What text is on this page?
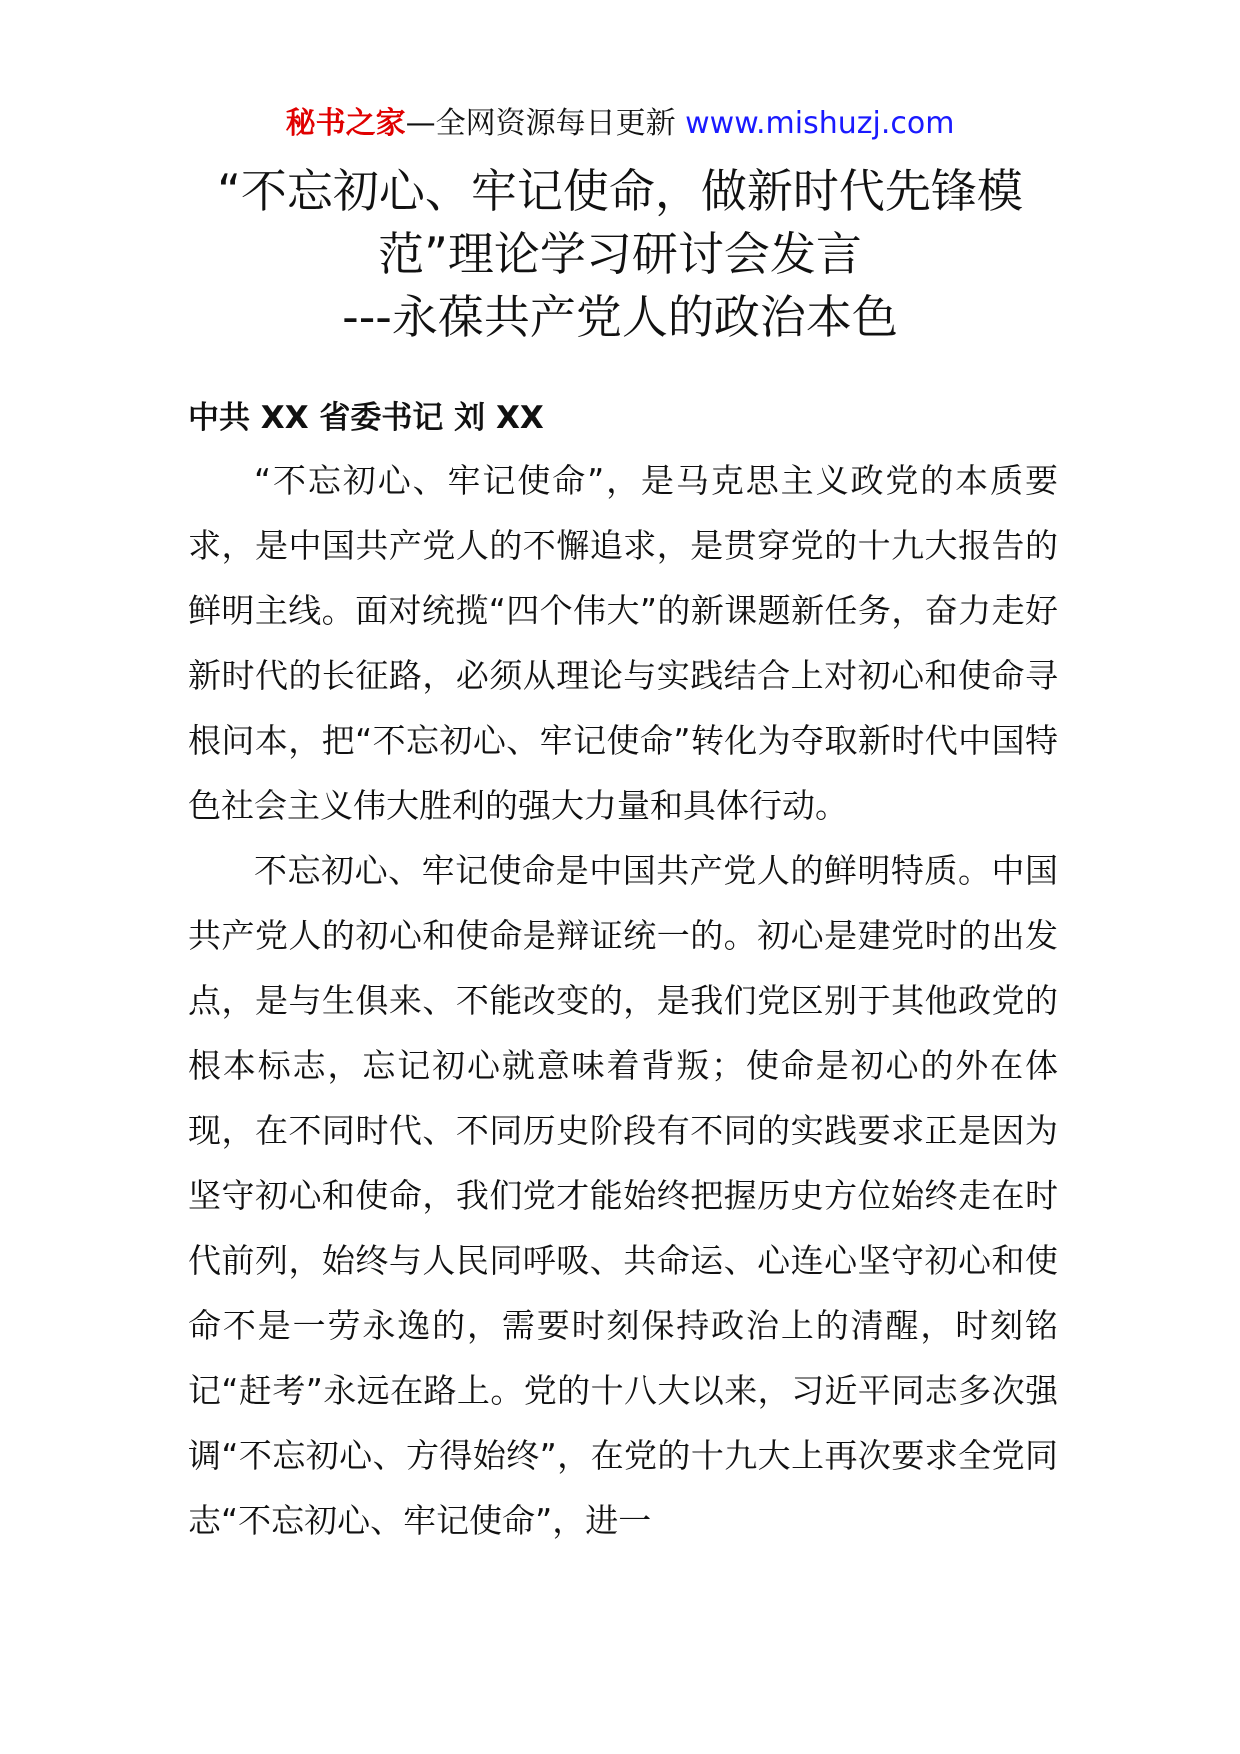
秘书之家—全网资源每日更新 www.mishuzj.com
“不忘初心、牢记使命，做新时代先锋模
范”理论学习研讨会发言
---永葆共产党人的政治本色
中共 XX 省委书记 刘 XX

“不忘初心、牢记使命”，是马克思主义政党的本质要求，是中国共产党人的不懈追求，是贯穿党的十九大报告的鲜明主线。面对统揽“四个伟大”的新课题新任务，奋力走好新时代的长征路，必须从理论与实践结合上对初心和使命寻根问本，把“不忘初心、牢记使命”转化为夺取新时代中国特色社会主义伟大胜利的强大力量和具体行动。

不忘初心、牢记使命是中国共产党人的鲜明特质。中国共产党人的初心和使命是辩证统一的。初心是建党时的出发点，是与生俱来、不能改变的，是我们党区别于其他政党的根本标志，忘记初心就意味着背叛；使命是初心的外在体现，在不同时代、不同历史阶段有不同的实践要求正是因为坚守初心和使命，我们党才能始终把握历史方位始终走在时代前列，始终与人民同呼吸、共命运、心连心坚守初心和使命不是一劳永逸的，需要时刻保持政治上的清醒，时刻铭记“赶考”永远在路上。党的十八大以来，习近平同志多次强调“不忘初心、方得始终”，在党的十九大上再次要求全党同志“不忘初心、牢记使命”，进一
